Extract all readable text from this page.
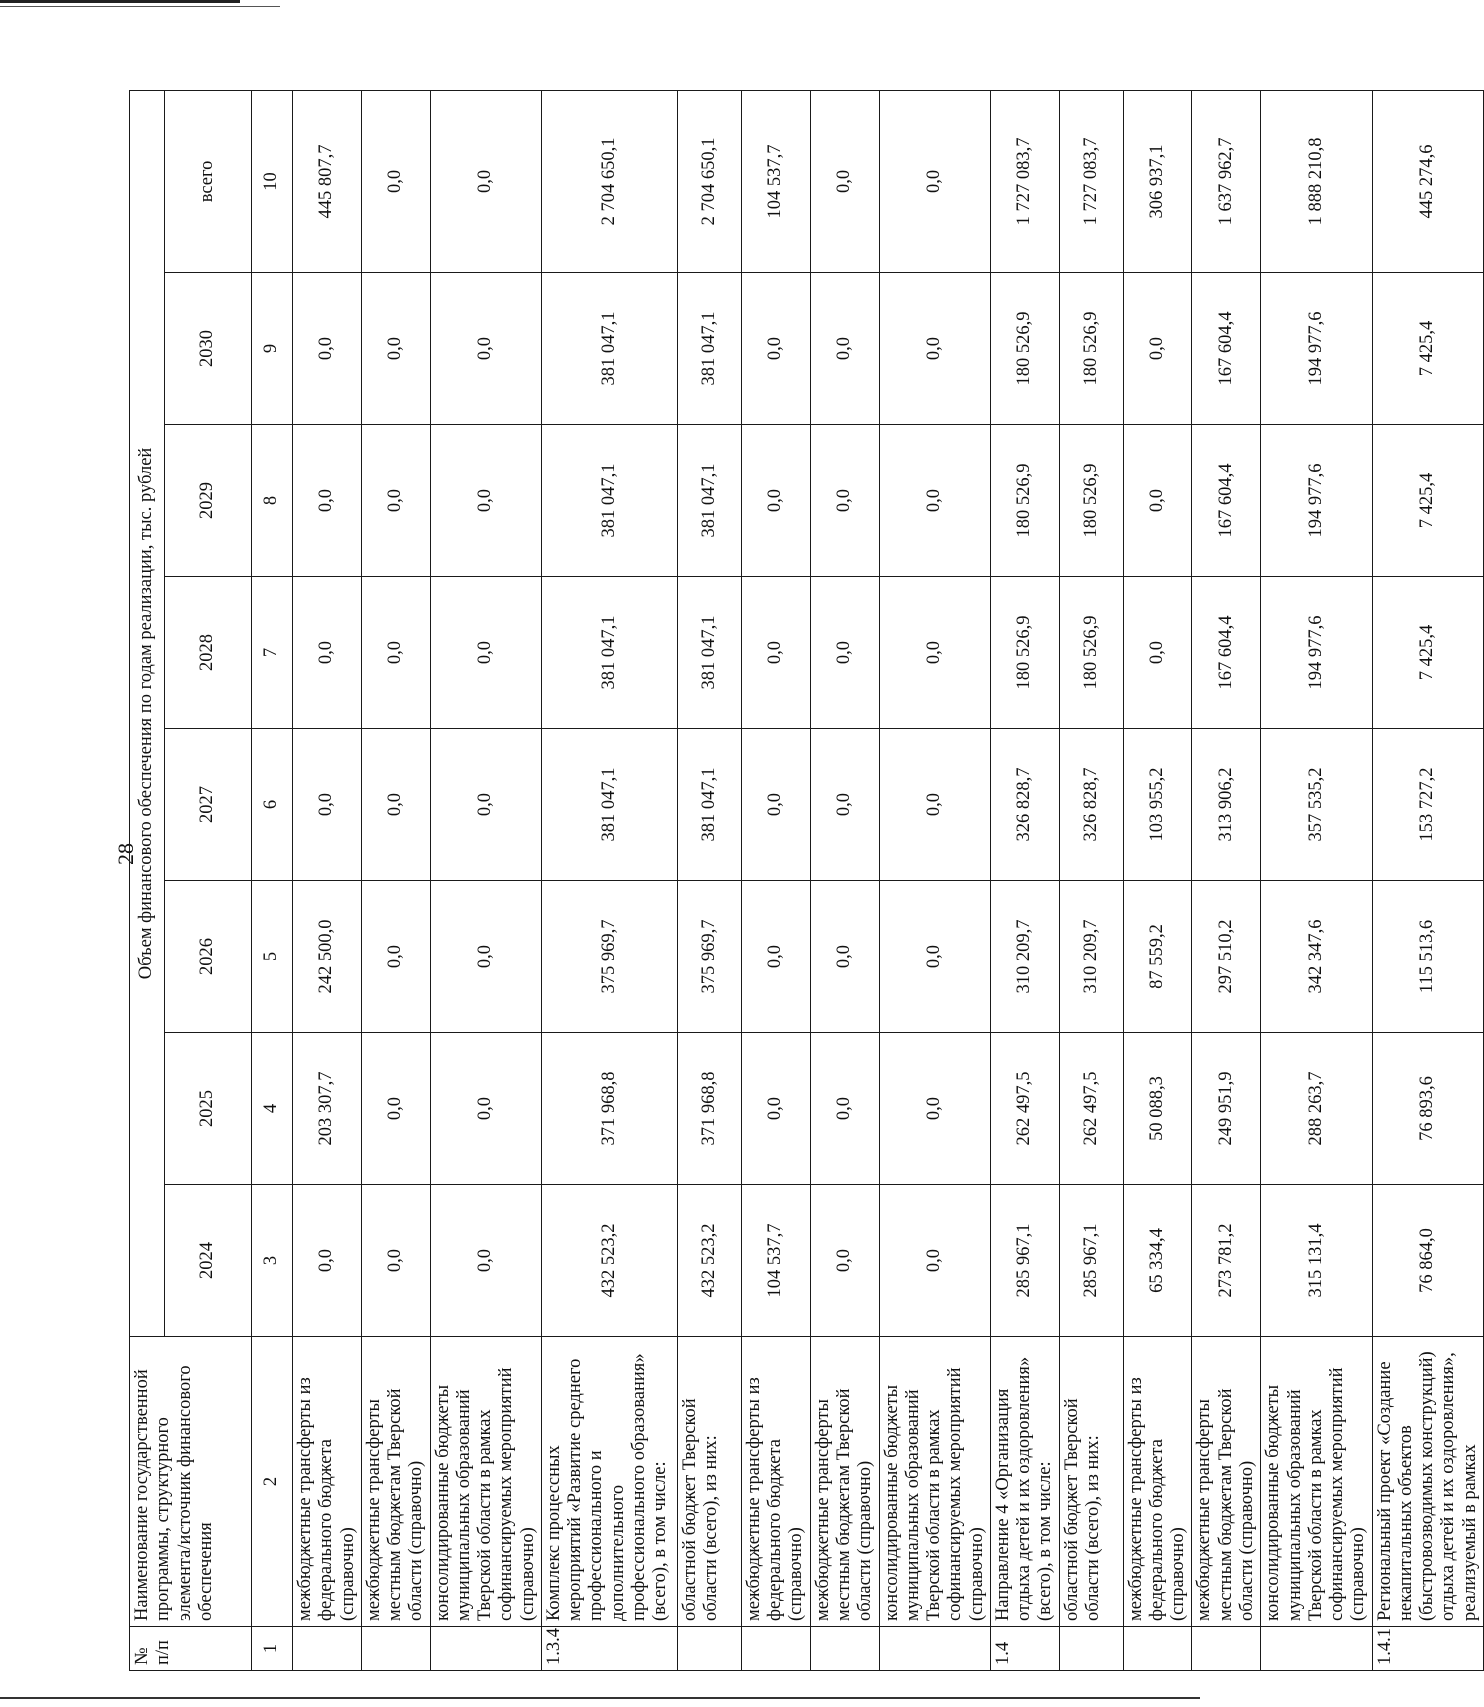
28
№ п/п	Наименование государственной программы, структурного элемента/источник финансового обеспечения	Объем финансового обеспечения по годам реализации, тыс. рублей							
		2024	2025	2026	2027	2028	2029	2030	всего
1	2	3	4	5	6	7	8	9	10
	межбюджетные трансферты из федерального бюджета (справочно)	0,0	203 307,7	242 500,0	0,0	0,0	0,0	0,0	445 807,7
	межбюджетные трансферты местным бюджетам Тверской области (справочно)	0,0	0,0	0,0	0,0	0,0	0,0	0,0	0,0
	консолидированные бюджеты муниципальных образований Тверской области в рамках софинансируемых мероприятий (справочно)	0,0	0,0	0,0	0,0	0,0	0,0	0,0	0,0
1.3.4	Комплекс процессных мероприятий «Развитие среднего профессионального и дополнительного профессионального образования» (всего), в том числе:	432 523,2	371 968,8	375 969,7	381 047,1	381 047,1	381 047,1	381 047,1	2 704 650,1
	областной бюджет Тверской области (всего), из них:	432 523,2	371 968,8	375 969,7	381 047,1	381 047,1	381 047,1	381 047,1	2 704 650,1
	межбюджетные трансферты из федерального бюджета (справочно)	104 537,7	0,0	0,0	0,0	0,0	0,0	0,0	104 537,7
	межбюджетные трансферты местным бюджетам Тверской области (справочно)	0,0	0,0	0,0	0,0	0,0	0,0	0,0	0,0
	консолидированные бюджеты муниципальных образований Тверской области в рамках софинансируемых мероприятий (справочно)	0,0	0,0	0,0	0,0	0,0	0,0	0,0	0,0
1.4	Направление 4 «Организация отдыха детей и их оздоровления» (всего), в том числе:	285 967,1	262 497,5	310 209,7	326 828,7	180 526,9	180 526,9	180 526,9	1 727 083,7
	областной бюджет Тверской области (всего), из них:	285 967,1	262 497,5	310 209,7	326 828,7	180 526,9	180 526,9	180 526,9	1 727 083,7
	межбюджетные трансферты из федерального бюджета (справочно)	65 334,4	50 088,3	87 559,2	103 955,2	0,0	0,0	0,0	306 937,1
	межбюджетные трансферты местным бюджетам Тверской области (справочно)	273 781,2	249 951,9	297 510,2	313 906,2	167 604,4	167 604,4	167 604,4	1 637 962,7
	консолидированные бюджеты муниципальных образований Тверской области в рамках софинансируемых мероприятий (справочно)	315 131,4	288 263,7	342 347,6	357 535,2	194 977,6	194 977,6	194 977,6	1 888 210,8
1.4.1	Региональный проект «Создание некапитальных объектов (быстровозводимых конструкций) отдыха детей и их оздоровления», реализуемый в рамках	76 864,0	76 893,6	115 513,6	153 727,2	7 425,4	7 425,4	7 425,4	445 274,6
